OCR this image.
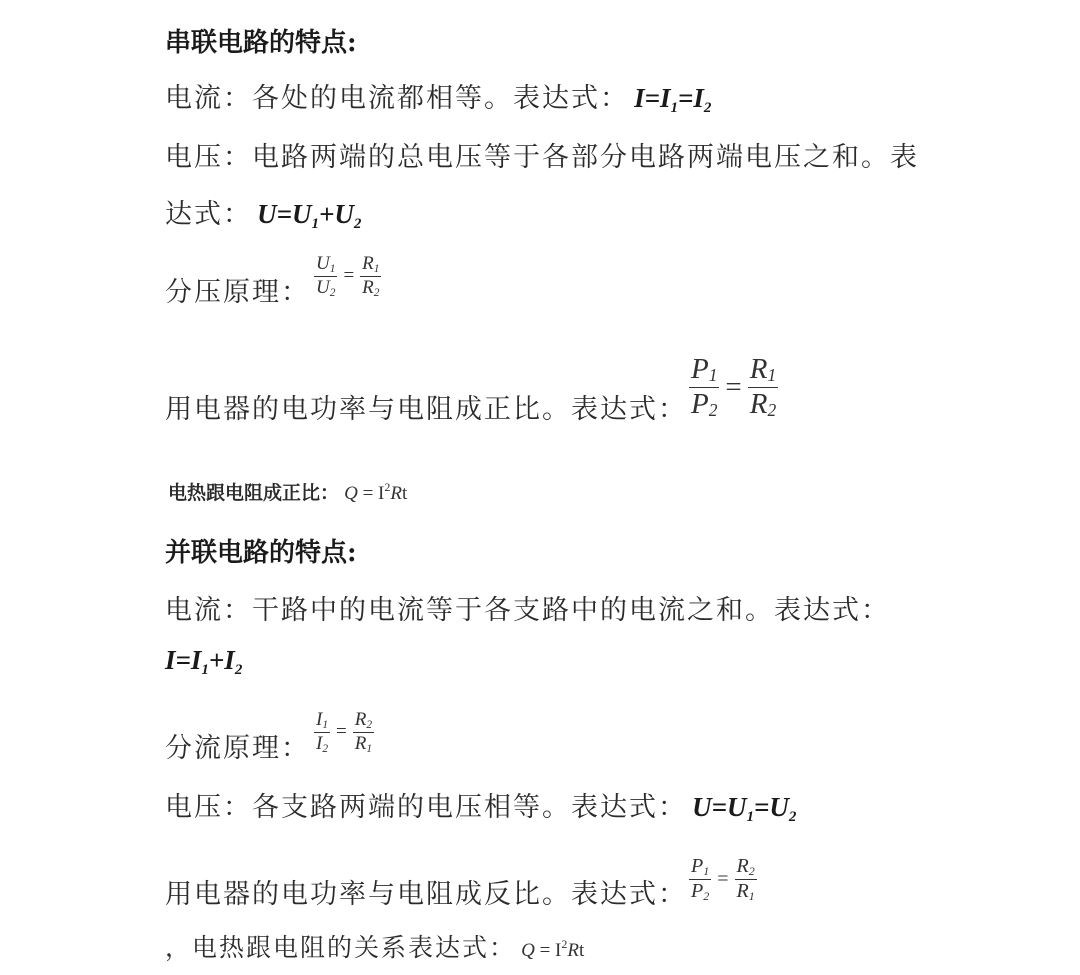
串联电路的特点:
电流：各处的电流都相等。表达式： $I=I_1=I_2$
电压：电路两端的总电压等于各部分电路两端电压之和。表
达式： $U=U_1+U_2$
分压原理： $\frac{U_1}{U_2} = \frac{R_1}{R_2}$
用电器的电功率与电阻成正比。表达式： $\frac{P_1}{P_2} = \frac{R_1}{R_2}$
电热跟电阻成正比： $Q = I^2Rt$
并联电路的特点:
电流：干路中的电流等于各支路中的电流之和。表达式：
$I=I_1+I_2$
分流原理： $\frac{I_1}{I_2} = \frac{R_2}{R_1}$
电压：各支路两端的电压相等。表达式： $U=U_1=U_2$
用电器的电功率与电阻成反比。表达式： $\frac{P_1}{P_2} = \frac{R_2}{R_1}$
，电热跟电阻的关系表达式： $Q = I^2Rt$
